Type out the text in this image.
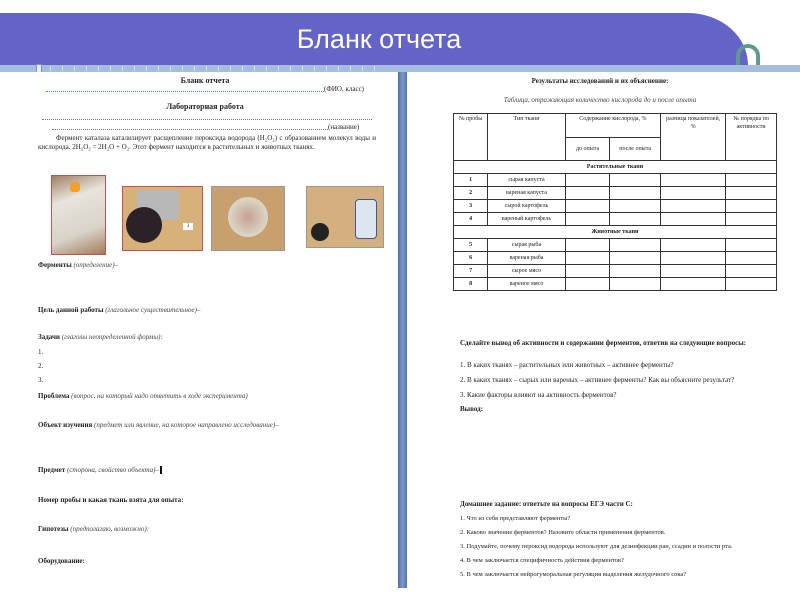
Бланк отчета
Бланк отчета
(ФИО, класс)
Лабораторная работа
(название)
Фермент каталаза катализирует расщепление пероксида водорода (H₂O₂) с образованием молекул воды и кислорода. 2H₂O₂ = 2H₂O + O₂. Этот фермент находится в растительных и животных тканях.
3
Ферменты (определение)–
Цель данной работы (глагольное существительное)–
Задачи (глаголы неопределенной формы):
1.
2.
3.
Проблема (вопрос, на который надо ответить в ходе эксперимента)
Объект изучения (предмет или явление, на которое направлено исследование)–
Предмет (сторона, свойство объекта)–
Номер пробы и какая ткань взята для опыта:
Гипотезы (предполагаю, возможно):
Оборудование:
Результаты исследований и их объяснение:
Таблица, отражающая количество кислорода до и после опыта
№ пробы	Тип ткани	Содержание кислорода, %		разница показателей, %	№ порядка по активности
		до опыта	после опыта		
Растительные ткани					
1	сырая капуста				
2	вареная капуста				
3	сырой картофель				
4	вареный картофель				
Животные ткани					
5	сырая рыба				
6	вареная рыба				
7	сырое мясо				
8	вареное мясо				
Сделайте вывод об активности и содержании ферментов, ответив на следующие вопросы:
1. В каких тканях – растительных или животных – активнее ферменты?
2. В каких тканях – сырых или вареных – активнее ферменты? Как вы объясните результат?
3. Какие факторы влияют на активность ферментов?
Вывод:
Домашнее задание: ответьте на вопросы ЕГЭ части С:
1. Что из себя представляют ферменты?
2. Каково значение ферментов? Назовите области применения ферментов.
3. Подумайте, почему пероксид водорода используют для дезинфекции ран, ссадин и полости рта.
4. В чем заключается специфичность действия ферментов?
5. В чем заключается нейрогуморальная регуляция выделения желудочного сока?
